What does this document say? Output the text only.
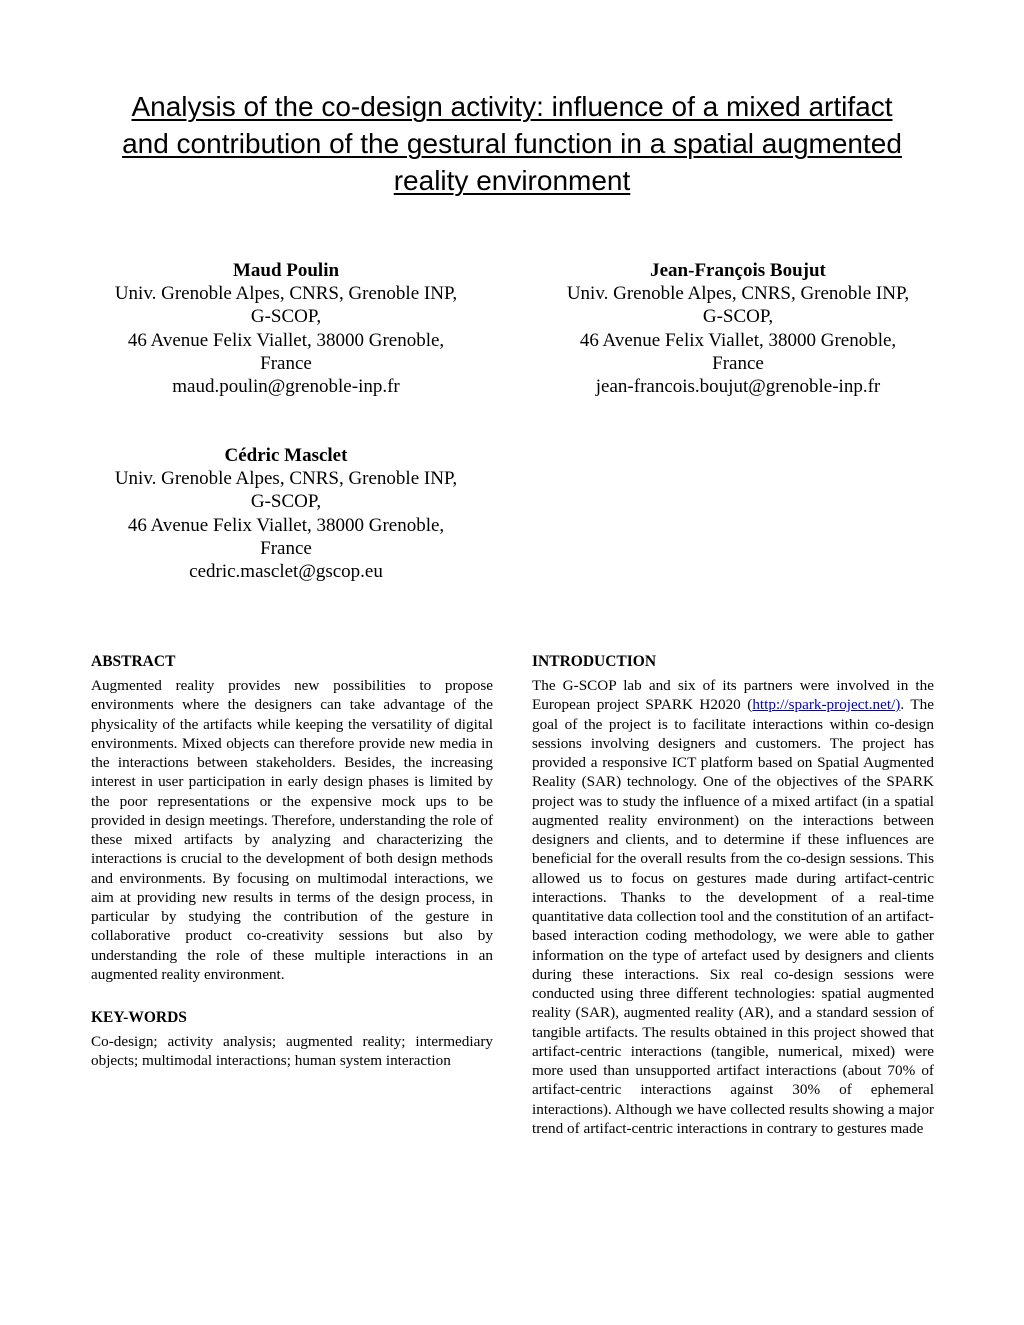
Analysis of the co-design activity: influence of a mixed artifact
and contribution of the gestural function in a spatial augmented
reality environment
Maud Poulin
Univ. Grenoble Alpes, CNRS, Grenoble INP,
G-SCOP,
46 Avenue Felix Viallet, 38000 Grenoble,
France
maud.poulin@grenoble-inp.fr
Jean-François Boujut
Univ. Grenoble Alpes, CNRS, Grenoble INP,
G-SCOP,
46 Avenue Felix Viallet, 38000 Grenoble,
France
jean-francois.boujut@grenoble-inp.fr
Cédric Masclet
Univ. Grenoble Alpes, CNRS, Grenoble INP,
G-SCOP,
46 Avenue Felix Viallet, 38000 Grenoble,
France
cedric.masclet@gscop.eu
ABSTRACT

Augmented reality provides new possibilities to propose environments where the designers can take advantage of the physicality of the artifacts while keeping the versatility of digital environments. Mixed objects can therefore provide new media in the interactions between stakeholders. Besides, the increasing interest in user participation in early design phases is limited by the poor representations or the expensive mock ups to be provided in design meetings. Therefore, understanding the role of these mixed artifacts by analyzing and characterizing the interactions is crucial to the development of both design methods and environments. By focusing on multimodal interactions, we aim at providing new results in terms of the design process, in particular by studying the contribution of the gesture in collaborative product co-creativity sessions but also by understanding the role of these multiple interactions in an augmented reality environment.

KEY-WORDS

Co-design; activity analysis; augmented reality; intermediary objects; multimodal interactions; human system interaction

INTRODUCTION

The G-SCOP lab and six of its partners were involved in the European project SPARK H2020 (http://spark-project.net/). The goal of the project is to facilitate interactions within co-design sessions involving designers and customers. The project has provided a responsive ICT platform based on Spatial Augmented Reality (SAR) technology. One of the objectives of the SPARK project was to study the influence of a mixed artifact (in a spatial augmented reality environment) on the interactions between designers and clients, and to determine if these influences are beneficial for the overall results from the co-design sessions. This allowed us to focus on gestures made during artifact-centric interactions. Thanks to the development of a real-time quantitative data collection tool and the constitution of an artifact-based interaction coding methodology, we were able to gather information on the type of artefact used by designers and clients during these interactions. Six real co-design sessions were conducted using three different technologies: spatial augmented reality (SAR), augmented reality (AR), and a standard session of tangible artifacts. The results obtained in this project showed that artifact-centric interactions (tangible, numerical, mixed) were more used than unsupported artifact interactions (about 70% of artifact-centric interactions against 30% of ephemeral interactions). Although we have collected results showing a major trend of artifact-centric interactions in contrary to gestures made
